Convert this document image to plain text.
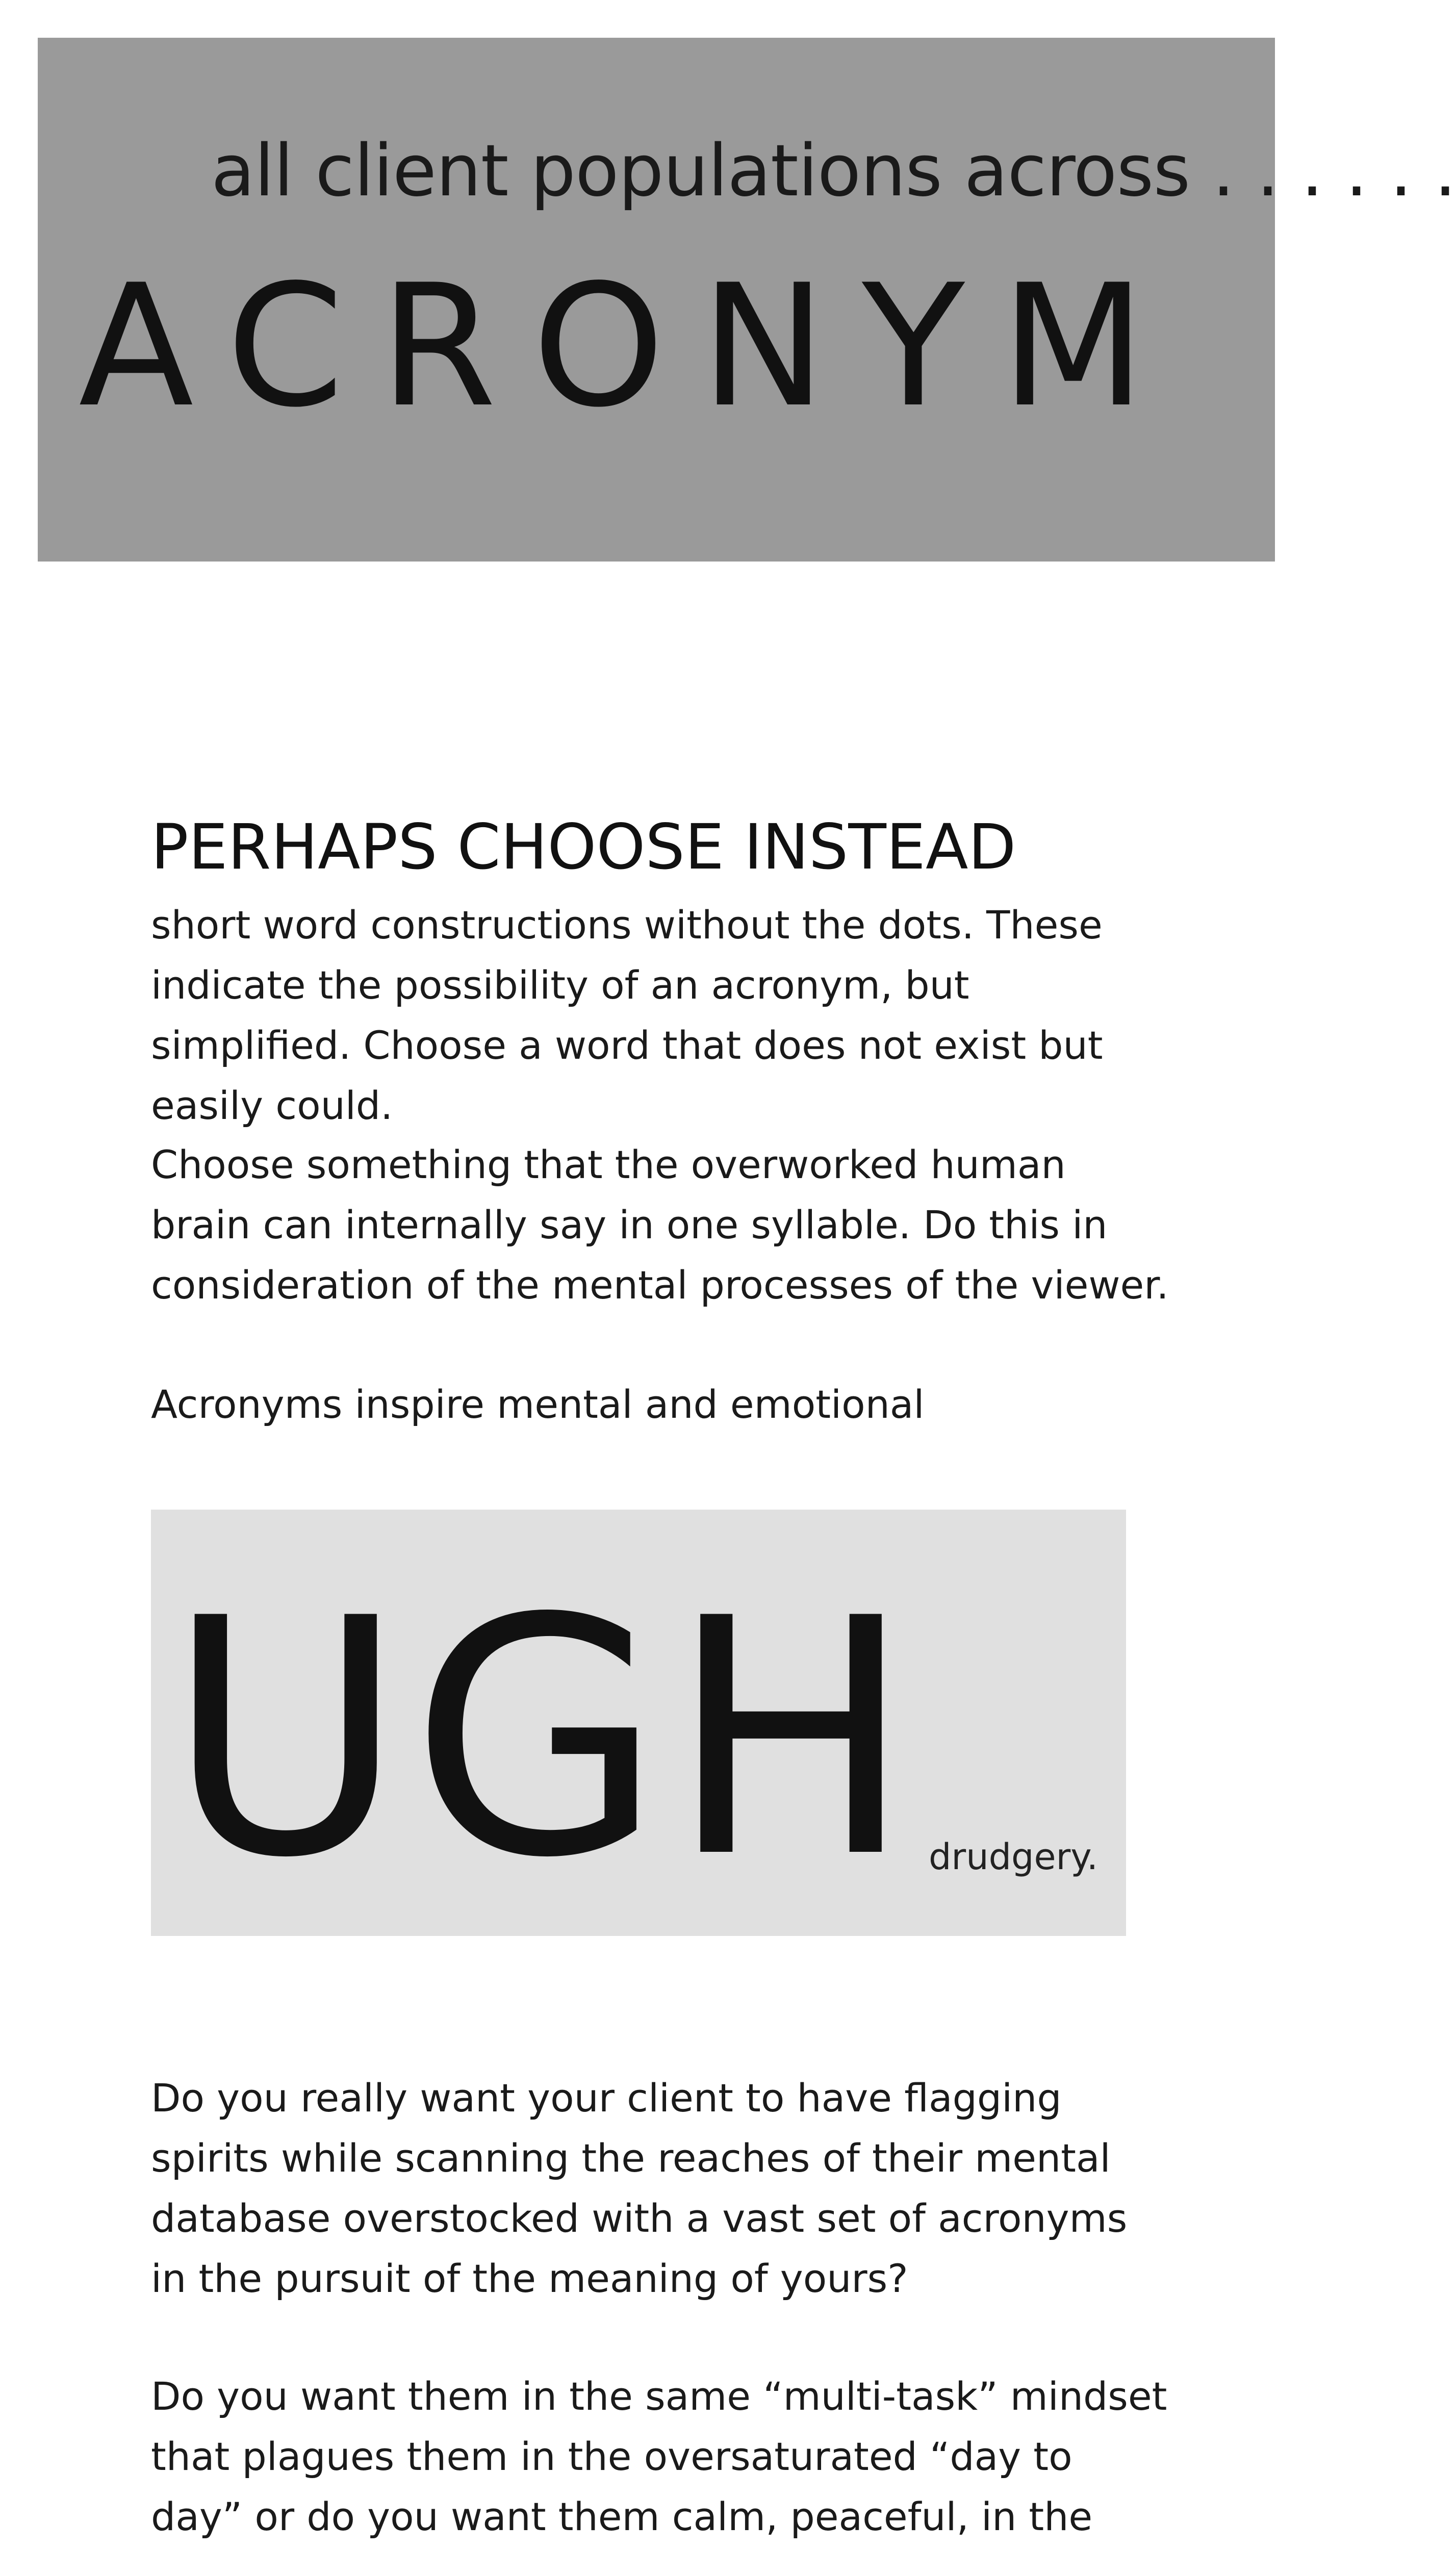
all client populations across . . . . . .

ACRONYM

PERHAPS CHOOSE INSTEAD

short word constructions without the dots. These indicate the possibility of an acronym, but simplified. Choose a word that does not exist but easily could.

Choose something that the overworked human brain can internally say in one syllable. Do this in consideration of the mental processes of the viewer.

Acronyms inspire mental and emotional

UGH drudgery.

Do you really want your client to have flagging spirits while scanning the reaches of their mental database overstocked with a vast set of acronyms in the pursuit of the meaning of yours?

Do you want them in the same “multi-task” mindset that plagues them in the oversaturated “day to day” or do you want them calm, peaceful, in the
